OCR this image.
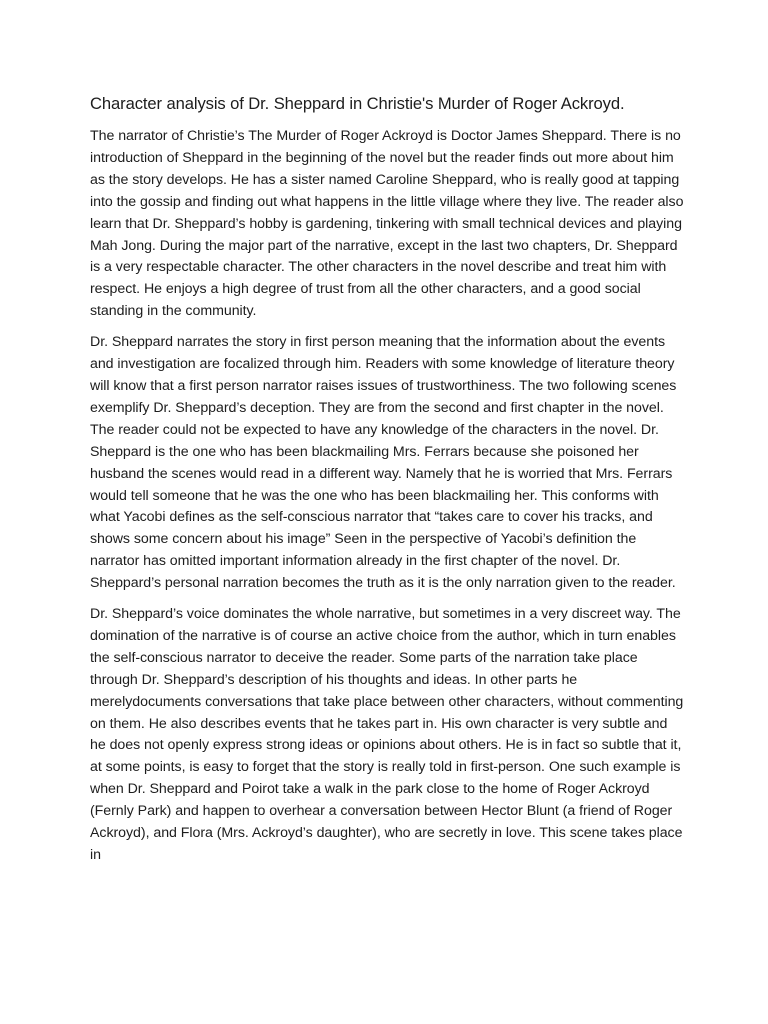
Character analysis of Dr. Sheppard in Christie's Murder of Roger Ackroyd.

The narrator of Christie’s The Murder of Roger Ackroyd is Doctor James Sheppard. There is no introduction of Sheppard in the beginning of the novel but the reader finds out more about him as the story develops. He has a sister named Caroline Sheppard, who is really good at tapping into the gossip and finding out what happens in the little village where they live. The reader also learn that Dr. Sheppard’s hobby is gardening, tinkering with small technical devices and playing Mah Jong. During the major part of the narrative, except in the last two chapters, Dr. Sheppard is a very respectable character. The other characters in the novel describe and treat him with respect. He enjoys a high degree of trust from all the other characters, and a good social standing in the community.

Dr. Sheppard narrates the story in first person meaning that the information about the events and investigation are focalized through him. Readers with some knowledge of literature theory will know that a first person narrator raises issues of trustworthiness. The two following scenes exemplify Dr. Sheppard’s deception. They are from the second and first chapter in the novel. The reader could not be expected to have any knowledge of the characters in the novel. Dr. Sheppard is the one who has been blackmailing Mrs. Ferrars because she poisoned her husband the scenes would read in a different way. Namely that he is worried that Mrs. Ferrars would tell someone that he was the one who has been blackmailing her. This conforms with what Yacobi defines as the self-conscious narrator that “takes care to cover his tracks, and shows some concern about his image” Seen in the perspective of Yacobi’s definition the narrator has omitted important information already in the first chapter of the novel. Dr. Sheppard’s personal narration becomes the truth as it is the only narration given to the reader.

Dr. Sheppard’s voice dominates the whole narrative, but sometimes in a very discreet way. The domination of the narrative is of course an active choice from the author, which in turn enables the self-conscious narrator to deceive the reader. Some parts of the narration take place through Dr. Sheppard’s description of his thoughts and ideas. In other parts he merelydocuments conversations that take place between other characters, without commenting on them. He also describes events that he takes part in. His own character is very subtle and he does not openly express strong ideas or opinions about others. He is in fact so subtle that it, at some points, is easy to forget that the story is really told in first-person. One such example is when Dr. Sheppard and Poirot take a walk in the park close to the home of Roger Ackroyd (Fernly Park) and happen to overhear a conversation between Hector Blunt (a friend of Roger Ackroyd), and Flora (Mrs. Ackroyd’s daughter), who are secretly in love. This scene takes place in
